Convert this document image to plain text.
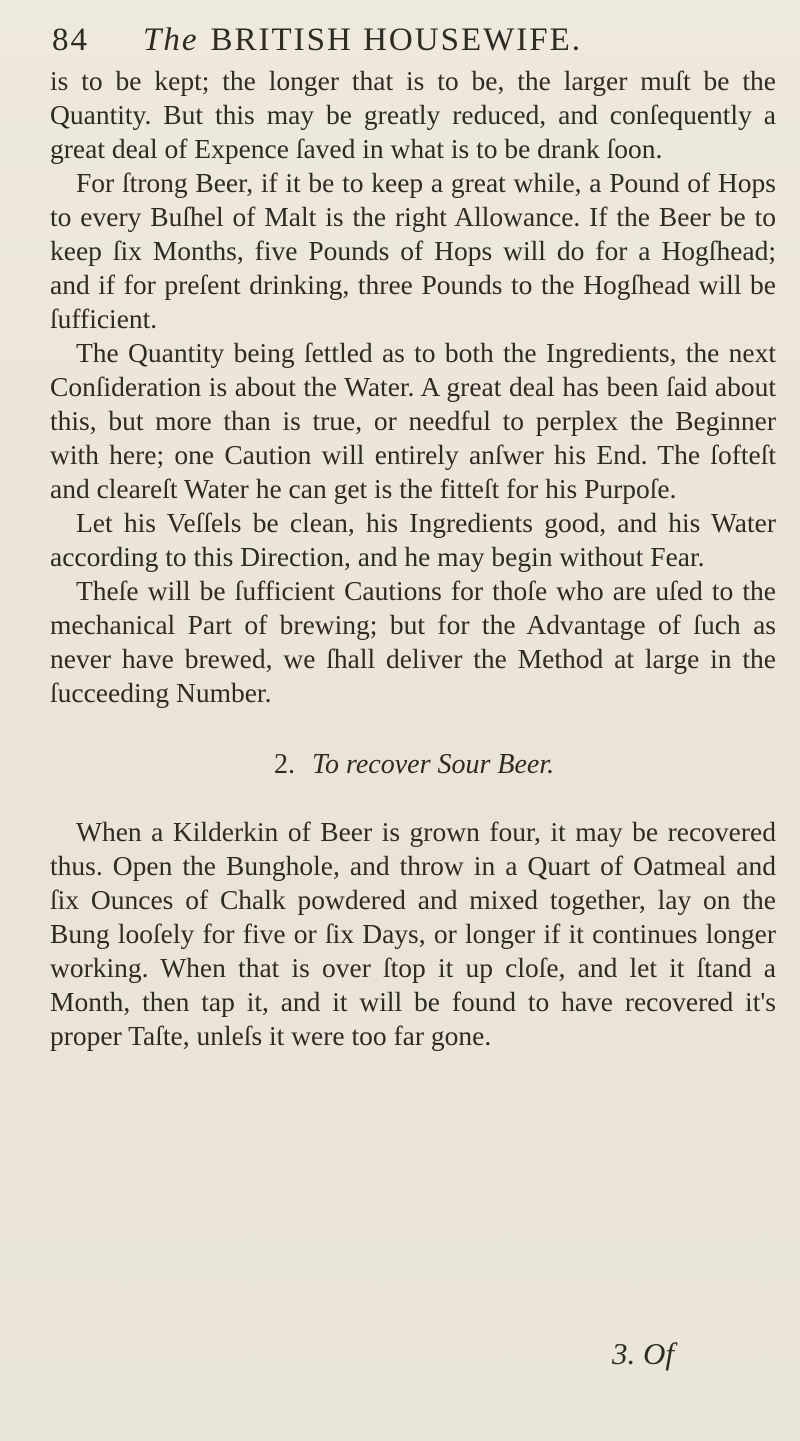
84 The BRITISH HOUSEWIFE.

is to be kept; the longer that is to be, the larger muſt be the Quantity. But this may be greatly reduced, and conſequently a great deal of Expence ſaved in what is to be drank ſoon.

For ſtrong Beer, if it be to keep a great while, a Pound of Hops to every Buſhel of Malt is the right Allowance. If the Beer be to keep ſix Months, five Pounds of Hops will do for a Hogſhead; and if for preſent drinking, three Pounds to the Hogſhead will be ſufficient.

The Quantity being ſettled as to both the Ingredients, the next Conſideration is about the Water. A great deal has been ſaid about this, but more than is true, or needful to perplex the Beginner with here; one Caution will entirely anſwer his End. The ſofteſt and cleareſt Water he can get is the fitteſt for his Purpoſe.

Let his Veſſels be clean, his Ingredients good, and his Water according to this Direction, and he may begin without Fear.

Theſe will be ſufficient Cautions for thoſe who are uſed to the mechanical Part of brewing; but for the Advantage of ſuch as never have brewed, we ſhall deliver the Method at large in the ſucceeding Number.

2. To recover Sour Beer.

When a Kilderkin of Beer is grown four, it may be recovered thus. Open the Bunghole, and throw in a Quart of Oatmeal and ſix Ounces of Chalk powdered and mixed together, lay on the Bung looſely for five or ſix Days, or longer if it continues longer working. When that is over ſtop it up cloſe, and let it ſtand a Month, then tap it, and it will be found to have recovered it's proper Taſte, unleſs it were too far gone.

3. Of
